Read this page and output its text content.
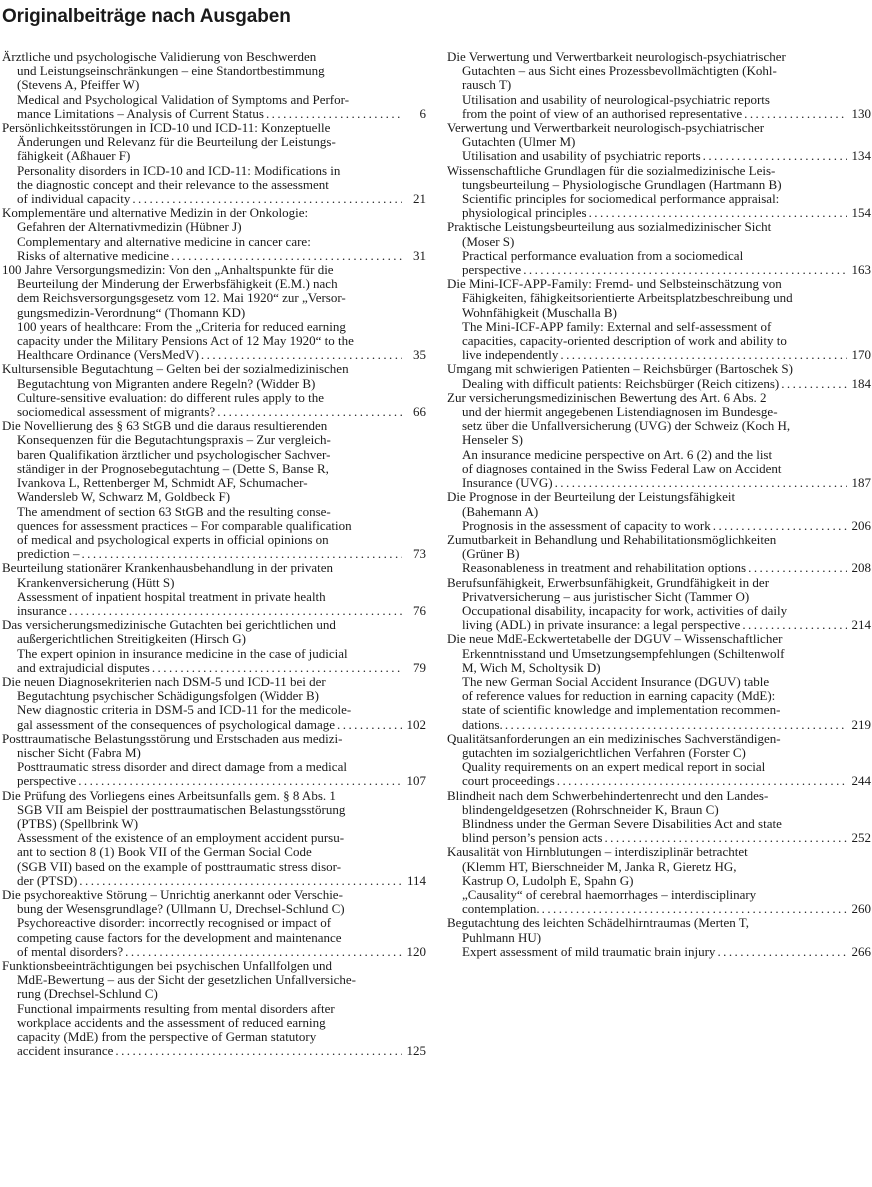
Originalbeiträge nach Ausgaben
Ärztliche und psychologische Validierung von Beschwerden
und Leistungseinschränkungen – eine Standortbestimmung
(Stevens A, Pfeiffer W)
Medical and Psychological Validation of Symptoms and Perfor-
mance Limitations – Analysis of Current Status . . .	6
Persönlichkeitsstörungen in ICD-10 und ICD-11: Konzeptuelle
Änderungen und Relevanz für die Beurteilung der Leistungs-
fähigkeit (Aßhauer F)
Personality disorders in ICD-10 and ICD-11: Modifications in
the diagnostic concept and their relevance to the assessment
of individual capacity . . .	21
Komplementäre und alternative Medizin in der Onkologie:
Gefahren der Alternativmedizin (Hübner J)
Complementary and alternative medicine in cancer care:
Risks of alternative medicine . . .	31
100 Jahre Versorgungsmedizin: Von den „Anhaltspunkte für die
Beurteilung der Minderung der Erwerbsfähigkeit (E.M.) nach
dem Reichsversorgungsgesetz vom 12. Mai 1920“ zur „Versor-
gungsmedizin-Verordnung“ (Thomann KD)
100 years of healthcare: From the „Criteria for reduced earning
capacity under the Military Pensions Act of 12 May 1920“ to the
Healthcare Ordinance (VersMedV) . . .	35
Kultursensible Begutachtung – Gelten bei der sozialmedizinischen
Begutachtung von Migranten andere Regeln? (Widder B)
Culture-sensitive evaluation: do different rules apply to the
sociomedical assessment of migrants? . . .	66
Die Novellierung des § 63 StGB und die daraus resultierenden
Konsequenzen für die Begutachtungspraxis – Zur vergleich-
baren Qualifikation ärztlicher und psychologischer Sachver-
ständiger in der Prognosebegutachtung – (Dette S, Banse R,
Ivankova L, Rettenberger M, Schmidt AF, Schumacher-
Wandersleb W, Schwarz M, Goldbeck F)
The amendment of section 63 StGB and the resulting conse-
quences for assessment practices – For comparable qualification
of medical and psychological experts in official opinions on
prediction – . . .	73
Beurteilung stationärer Krankenhausbehandlung in der privaten
Krankenversicherung (Hütt S)
Assessment of inpatient hospital treatment in private health
insurance . . .	76
Das versicherungsmedizinische Gutachten bei gerichtlichen und
außergerichtlichen Streitigkeiten (Hirsch G)
The expert opinion in insurance medicine in the case of judicial
and extrajudicial disputes . . .	79
Die neuen Diagnosekriterien nach DSM-5 und ICD-11 bei der
Begutachtung psychischer Schädigungsfolgen (Widder B)
New diagnostic criteria in DSM-5 and ICD-11 for the medicole-
gal assessment of the consequences of psychological damage . . .	102
Posttraumatische Belastungsstörung und Erstschaden aus medizi-
nischer Sicht (Fabra M)
Posttraumatic stress disorder and direct damage from a medical
perspective . . .	107
Die Prüfung des Vorliegens eines Arbeitsunfalls gem. § 8 Abs. 1
SGB VII am Beispiel der posttraumatischen Belastungsstörung
(PTBS) (Spellbrink W)
Assessment of the existence of an employment accident pursu-
ant to section 8 (1) Book VII of the German Social Code
(SGB VII) based on the example of posttraumatic stress disor-
der (PTSD) . . .	114
Die psychoreaktive Störung – Unrichtig anerkannt oder Verschie-
bung der Wesensgrundlage? (Ullmann U, Drechsel-Schlund C)
Psychoreactive disorder: incorrectly recognised or impact of
competing cause factors for the development and maintenance
of mental disorders? . . .	120
Funktionsbeeinträchtigungen bei psychischen Unfallfolgen und
MdE-Bewertung – aus der Sicht der gesetzlichen Unfallversiche-
rung (Drechsel-Schlund C)
Functional impairments resulting from mental disorders after
workplace accidents and the assessment of reduced earning
capacity (MdE) from the perspective of German statutory
accident insurance . . .	125
Die Verwertung und Verwertbarkeit neurologisch-psychiatrischer
Gutachten – aus Sicht eines Prozessbevollmächtigten (Kohl-
rausch T)
Utilisation and usability of neurological-psychiatric reports
from the point of view of an authorised representative . . .	130
Verwertung und Verwertbarkeit neurologisch-psychiatrischer
Gutachten (Ulmer M)
Utilisation and usability of psychiatric reports . . .	134
Wissenschaftliche Grundlagen für die sozialmedizinische Leis-
tungsbeurteilung – Physiologische Grundlagen (Hartmann B)
Scientific principles for sociomedical performance appraisal:
physiological principles . . .	154
Praktische Leistungsbeurteilung aus sozialmedizinischer Sicht
(Moser S)
Practical performance evaluation from a sociomedical
perspective . . .	163
Die Mini-ICF-APP-Family: Fremd- und Selbsteinschätzung von
Fähigkeiten, fähigkeitsorientierte Arbeitsplatzbeschreibung und
Wohnfähigkeit (Muschalla B)
The Mini-ICF-APP family: External and self-assessment of
capacities, capacity-oriented description of work and ability to
live independently . . .	170
Umgang mit schwierigen Patienten – Reichsbürger (Bartoschek S)
Dealing with difficult patients: Reichsbürger (Reich citizens) . . .	184
Zur versicherungsmedizinischen Bewertung des Art. 6 Abs. 2
und der hiermit angegebenen Listendiagnosen im Bundesge-
setz über die Unfallversicherung (UVG) der Schweiz (Koch H,
Henseler S)
An insurance medicine perspective on Art. 6 (2) and the list
of diagnoses contained in the Swiss Federal Law on Accident
Insurance (UVG) . . .	187
Die Prognose in der Beurteilung der Leistungsfähigkeit
(Bahemann A)
Prognosis in the assessment of capacity to work . . .	206
Zumutbarkeit in Behandlung und Rehabilitationsmöglichkeiten
(Grüner B)
Reasonableness in treatment and rehabilitation options . . .	208
Berufsunfähigkeit, Erwerbsunfähigkeit, Grundfähigkeit in der
Privatversicherung – aus juristischer Sicht (Tammer O)
Occupational disability, incapacity for work, activities of daily
living (ADL) in private insurance: a legal perspective . . .	214
Die neue MdE-Eckwertetabelle der DGUV – Wissenschaftlicher
Erkenntnisstand und Umsetzungsempfehlungen (Schiltenwolf
M, Wich M, Scholtysik D)
The new German Social Accident Insurance (DGUV) table
of reference values for reduction in earning capacity (MdE):
state of scientific knowledge and implementation recommen-
dations. . . .	219
Qualitätsanforderungen an ein medizinisches Sachverständigen-
gutachten im sozialgerichtlichen Verfahren (Forster C)
Quality requirements on an expert medical report in social
court proceedings . . .	244
Blindheit nach dem Schwerbehindertenrecht und den Landes-
blindengeldgesetzen (Rohrschneider K, Braun C)
Blindness under the German Severe Disabilities Act and state
blind person’s pension acts . . .	252
Kausalität von Hirnblutungen – interdisziplinär betrachtet
(Klemm HT, Bierschneider M, Janka R, Gieretz HG,
Kastrup O, Ludolph E, Spahn G)
„Causality“ of cerebral haemorrhages – interdisciplinary
contemplation. . . .	260
Begutachtung des leichten Schädelhirntraumas (Merten T,
Puhlmann HU)
Expert assessment of mild traumatic brain injury . . .	266
